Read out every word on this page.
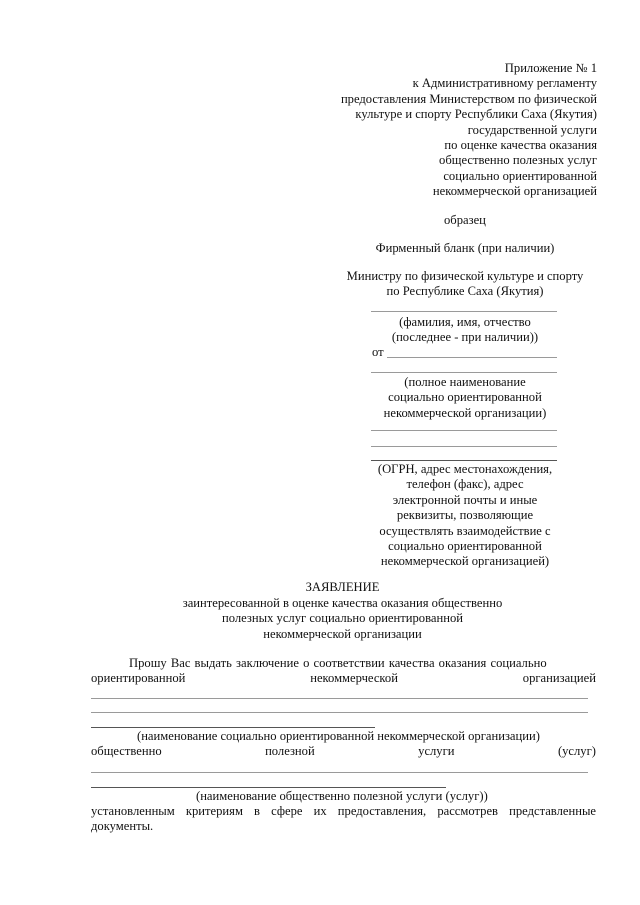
Приложение № 1
к Административному регламенту
предоставления Министерством по физической
культуре и спорту Республики Саха (Якутия)
государственной услуги
по оценке качества оказания
общественно полезных услуг
социально ориентированной
некоммерческой организацией
образец
Фирменный бланк (при наличии)
Министру по физической культуре и спорту
по Республике Саха (Якутия)
(фамилия, имя, отчество
(последнее - при наличии))
от
(полное наименование
социально ориентированной
некоммерческой организации)
(ОГРН, адрес местонахождения,
телефон (факс), адрес
электронной почты и иные
реквизиты, позволяющие
осуществлять взаимодействие с
социально ориентированной
некоммерческой организацией)
ЗАЯВЛЕНИЕ
заинтересованной в оценке качества оказания общественно
полезных услуг социально ориентированной
некоммерческой организации
Прошу Вас выдать заключение о соответствии качества оказания социально
ориентированной	некоммерческой	организацией
(наименование социально ориентированной некоммерческой организации)
общественно	полезной	услуги	(услуг)
(наименование общественно полезной услуги (услуг))
установленным критериям в сфере их предоставления, рассмотрев представленные документы.
